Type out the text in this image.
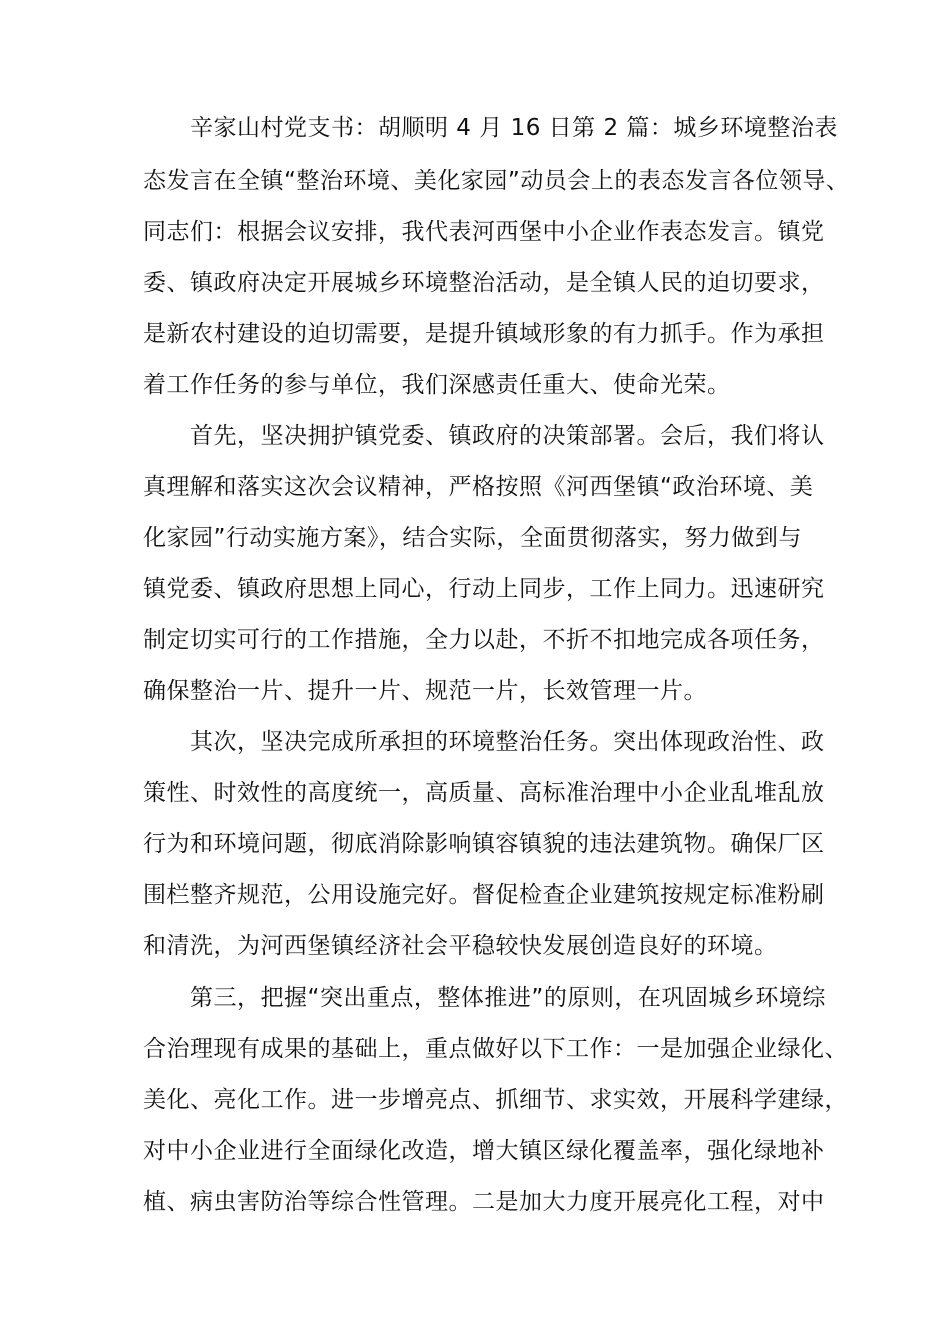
辛家山村党支书：胡顺明 4 月 16 日第 2 篇：城乡环境整治表
态发言在全镇“整治环境、美化家园”动员会上的表态发言各位领导、
同志们：根据会议安排，我代表河西堡中小企业作表态发言。镇党
委、镇政府决定开展城乡环境整治活动，是全镇人民的迫切要求，
是新农村建设的迫切需要，是提升镇域形象的有力抓手。作为承担
着工作任务的参与单位，我们深感责任重大、使命光荣。
首先，坚决拥护镇党委、镇政府的决策部署。会后，我们将认
真理解和落实这次会议精神，严格按照《河西堡镇“政治环境、美
化家园”行动实施方案》，结合实际，全面贯彻落实，努力做到与
镇党委、镇政府思想上同心，行动上同步，工作上同力。迅速研究
制定切实可行的工作措施，全力以赴，不折不扣地完成各项任务，
确保整治一片、提升一片、规范一片，长效管理一片。
其次，坚决完成所承担的环境整治任务。突出体现政治性、政
策性、时效性的高度统一，高质量、高标准治理中小企业乱堆乱放
行为和环境问题，彻底消除影响镇容镇貌的违法建筑物。确保厂区
围栏整齐规范，公用设施完好。督促检查企业建筑按规定标准粉刷
和清洗，为河西堡镇经济社会平稳较快发展创造良好的环境。
第三，把握“突出重点，整体推进”的原则，在巩固城乡环境综
合治理现有成果的基础上，重点做好以下工作：一是加强企业绿化、
美化、亮化工作。进一步增亮点、抓细节、求实效，开展科学建绿，
对中小企业进行全面绿化改造，增大镇区绿化覆盖率，强化绿地补
植、病虫害防治等综合性管理。二是加大力度开展亮化工程，对中
